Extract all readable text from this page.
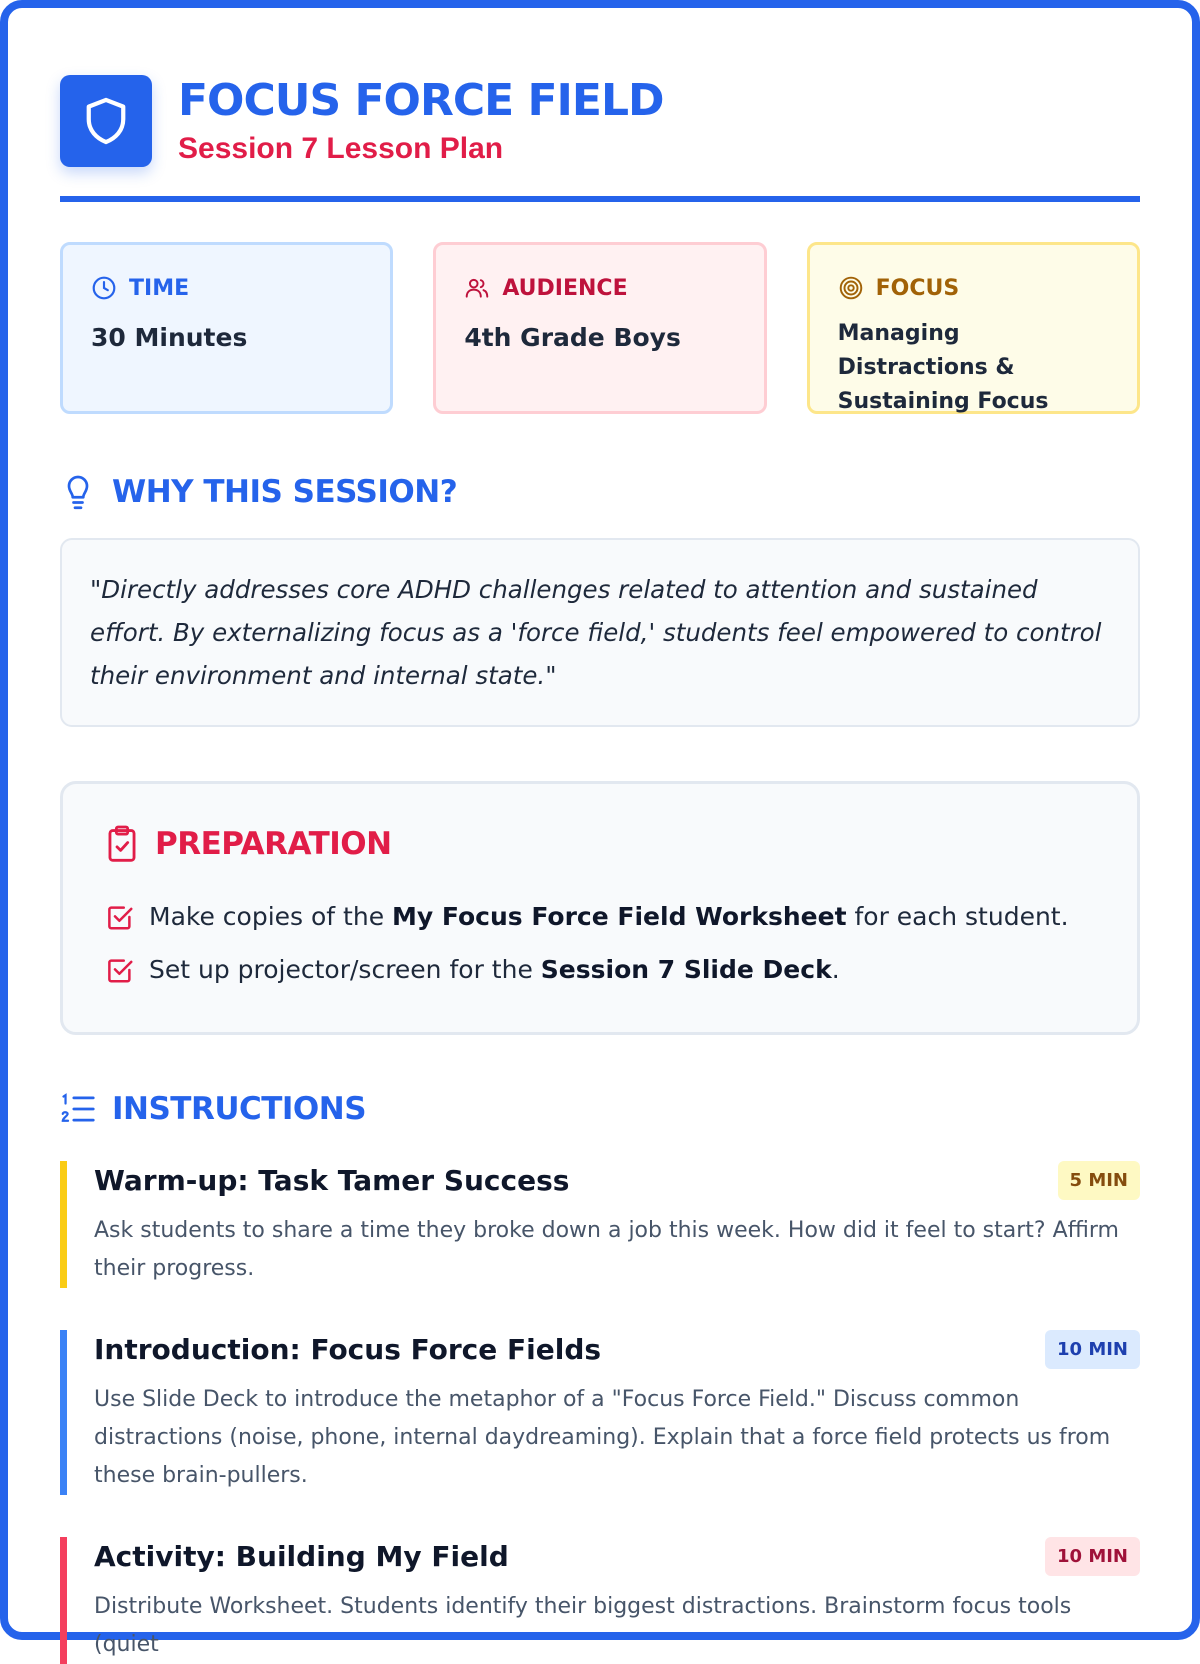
FOCUS FORCE FIELD
Session 7 Lesson Plan
TIME
30 Minutes
AUDIENCE
4th Grade Boys
FOCUS
Managing Distractions & Sustaining Focus
WHY THIS SESSION?

"Directly addresses core ADHD challenges related to attention and sustained effort. By externalizing focus as a 'force field,' students feel empowered to control their environment and internal state."

PREPARATION
Make copies of the My Focus Force Field Worksheet for each student.
Set up projector/screen for the Session 7 Slide Deck.
INSTRUCTIONS
Warm-up: Task Tamer Success	5 MIN

Ask students to share a time they broke down a job this week. How did it feel to start? Affirm their progress.

Introduction: Focus Force Fields	10 MIN

Use Slide Deck to introduce the metaphor of a "Focus Force Field." Discuss common distractions (noise, phone, internal daydreaming). Explain that a force field protects us from these brain-pullers.

Activity: Building My Field	10 MIN

Distribute Worksheet. Students identify their biggest distractions. Brainstorm focus tools (quiet
